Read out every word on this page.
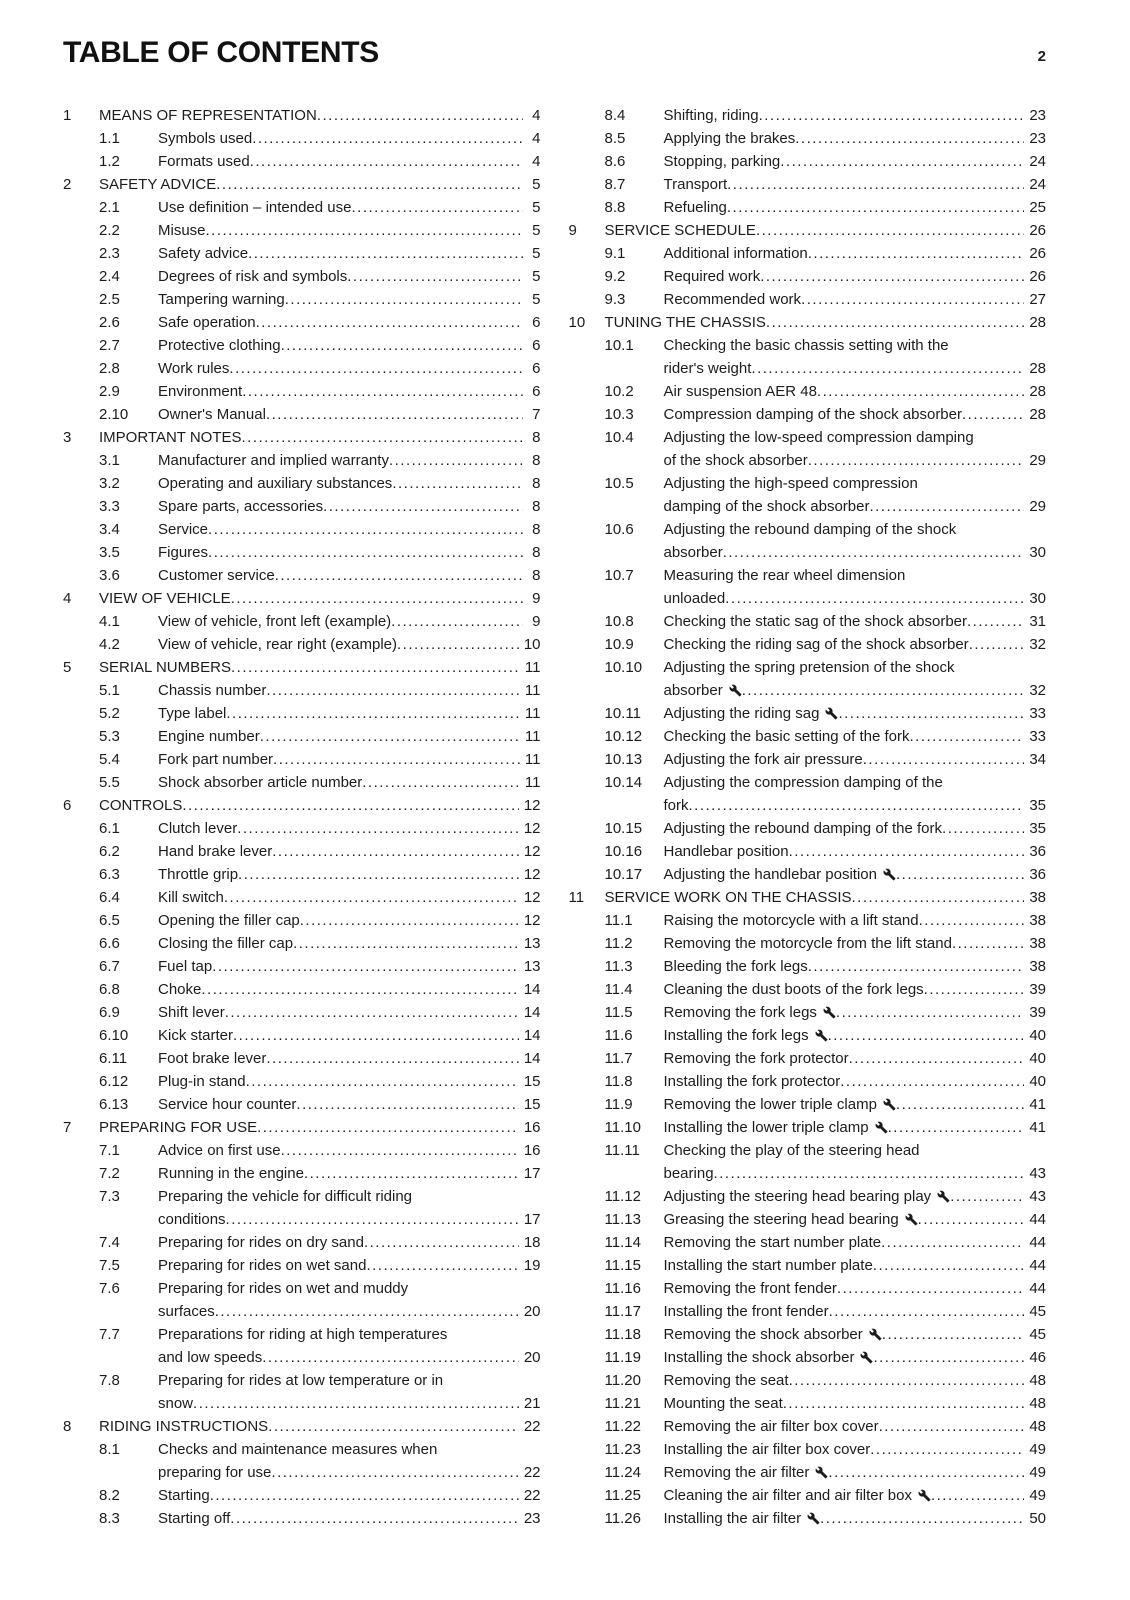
TABLE OF CONTENTS	2
1	MEANS OF REPRESENTATION .....	4
1.1	Symbols used .....	4
1.2	Formats used .....	4
2	SAFETY ADVICE .....	5
2.1	Use definition – intended use .....	5
2.2	Misuse .....	5
2.3	Safety advice .....	5
2.4	Degrees of risk and symbols .....	5
2.5	Tampering warning .....	5
2.6	Safe operation .....	6
2.7	Protective clothing .....	6
2.8	Work rules .....	6
2.9	Environment .....	6
2.10	Owner's Manual .....	7
3	IMPORTANT NOTES .....	8
3.1	Manufacturer and implied warranty .....	8
3.2	Operating and auxiliary substances .....	8
3.3	Spare parts, accessories .....	8
3.4	Service .....	8
3.5	Figures .....	8
3.6	Customer service .....	8
4	VIEW OF VEHICLE .....	9
4.1	View of vehicle, front left (example) .....	9
4.2	View of vehicle, rear right (example) .....	10
5	SERIAL NUMBERS .....	11
5.1	Chassis number .....	11
5.2	Type label .....	11
5.3	Engine number .....	11
5.4	Fork part number .....	11
5.5	Shock absorber article number .....	11
6	CONTROLS .....	12
6.1	Clutch lever .....	12
6.2	Hand brake lever .....	12
6.3	Throttle grip .....	12
6.4	Kill switch .....	12
6.5	Opening the filler cap .....	12
6.6	Closing the filler cap .....	13
6.7	Fuel tap .....	13
6.8	Choke .....	14
6.9	Shift lever .....	14
6.10	Kick starter .....	14
6.11	Foot brake lever .....	14
6.12	Plug-in stand .....	15
6.13	Service hour counter .....	15
7	PREPARING FOR USE .....	16
7.1	Advice on first use .....	16
7.2	Running in the engine .....	17
7.3	Preparing the vehicle for difficult riding
conditions .....	17
7.4	Preparing for rides on dry sand .....	18
7.5	Preparing for rides on wet sand .....	19
7.6	Preparing for rides on wet and muddy
surfaces .....	20
7.7	Preparations for riding at high temperatures
and low speeds .....	20
7.8	Preparing for rides at low temperature or in
snow .....	21
8	RIDING INSTRUCTIONS .....	22
8.1	Checks and maintenance measures when
preparing for use .....	22
8.2	Starting .....	22
8.3	Starting off .....	23
8.4	Shifting, riding .....	23
8.5	Applying the brakes .....	23
8.6	Stopping, parking .....	24
8.7	Transport .....	24
8.8	Refueling .....	25
9	SERVICE SCHEDULE .....	26
9.1	Additional information .....	26
9.2	Required work .....	26
9.3	Recommended work .....	27
10	TUNING THE CHASSIS .....	28
10.1	Checking the basic chassis setting with the
rider's weight .....	28
10.2	Air suspension AER 48 .....	28
10.3	Compression damping of the shock absorber .....	28
10.4	Adjusting the low-speed compression damping
of the shock absorber .....	29
10.5	Adjusting the high-speed compression
damping of the shock absorber .....	29
10.6	Adjusting the rebound damping of the shock
absorber .....	30
10.7	Measuring the rear wheel dimension
unloaded .....	30
10.8	Checking the static sag of the shock absorber .....	31
10.9	Checking the riding sag of the shock absorber .....	32
10.10	Adjusting the spring pretension of the shock
absorber .....	32
10.11	Adjusting the riding sag .....	33
10.12	Checking the basic setting of the fork .....	33
10.13	Adjusting the fork air pressure .....	34
10.14	Adjusting the compression damping of the
fork .....	35
10.15	Adjusting the rebound damping of the fork .....	35
10.16	Handlebar position .....	36
10.17	Adjusting the handlebar position .....	36
11	SERVICE WORK ON THE CHASSIS .....	38
11.1	Raising the motorcycle with a lift stand .....	38
11.2	Removing the motorcycle from the lift stand .....	38
11.3	Bleeding the fork legs .....	38
11.4	Cleaning the dust boots of the fork legs .....	39
11.5	Removing the fork legs .....	39
11.6	Installing the fork legs .....	40
11.7	Removing the fork protector .....	40
11.8	Installing the fork protector .....	40
11.9	Removing the lower triple clamp .....	41
11.10	Installing the lower triple clamp .....	41
11.11	Checking the play of the steering head
bearing .....	43
11.12	Adjusting the steering head bearing play .....	43
11.13	Greasing the steering head bearing .....	44
11.14	Removing the start number plate .....	44
11.15	Installing the start number plate .....	44
11.16	Removing the front fender .....	44
11.17	Installing the front fender .....	45
11.18	Removing the shock absorber .....	45
11.19	Installing the shock absorber .....	46
11.20	Removing the seat .....	48
11.21	Mounting the seat .....	48
11.22	Removing the air filter box cover .....	48
11.23	Installing the air filter box cover .....	49
11.24	Removing the air filter .....	49
11.25	Cleaning the air filter and air filter box .....	49
11.26	Installing the air filter .....	50
